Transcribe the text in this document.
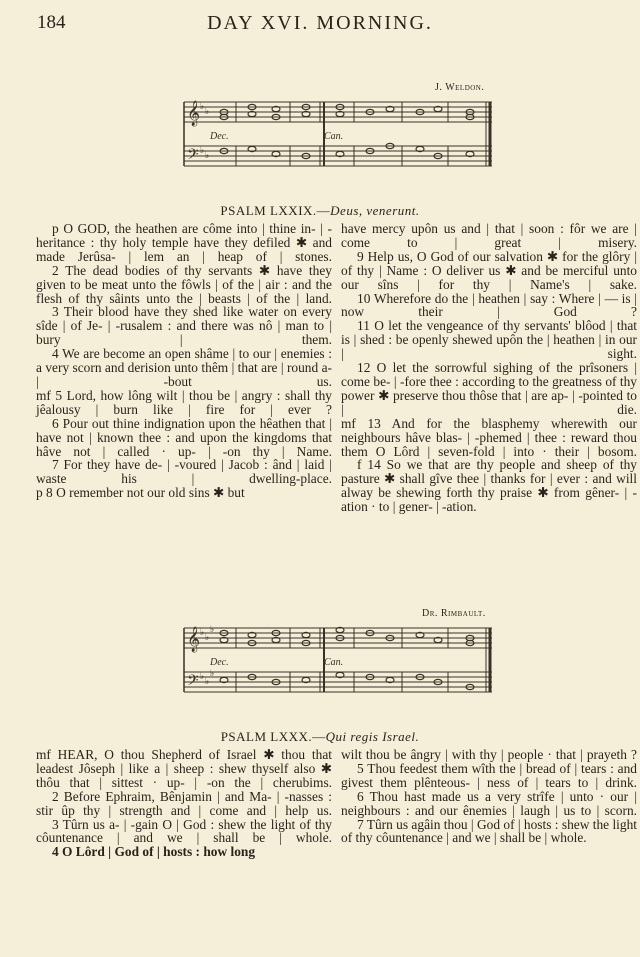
184	DAY XVI. MORNING.
J. Weldon.
𝄞
𝄢
♭ ♭
♭ ♭
Dec.	Can.
PSALM LXXIX.—Deus, venerunt.

p O GOD, the heathen are côme into | thine in- | -heritance : thy holy temple have they defiled ✱ and made Jerûsa- | lem an | heap of | stones.

2 The dead bodies of thy servants ✱ have they given to be meat unto the fôwls | of the | air : and the flesh of thy sâints unto the | beasts | of the | land.

3 Their blood have they shed like water on every sîde | of Je- | -rusalem : and there was nô | man to | bury | them.

4 We are become an open shâme | to our | enemies : a very scorn and derision unto thêm | that are | round a- | -bout us.

mf 5 Lord, how lông wilt | thou be | angry : shall thy jêalousy | burn like | fire for | ever ?

6 Pour out thine indignation upon the hêathen that | have not | known thee : and upon the kingdoms that hâve not | called · up- | -on thy | Name.

7 For they have de- | -voured | Jacob : ând | laid | waste his | dwelling-place.

p 8 O remember not our old sins ✱ but

have mercy upôn us and | that | soon : fôr we are | come to | great | misery.

9 Help us, O God of our salvation ✱ for the glôry | of thy | Name : O deliver us ✱ and be merciful unto our sîns | for thy | Name's | sake.

10 Wherefore do the | heathen | say : Where | — is | now their | God ?

11 O let the vengeance of thy servants' blôod | that is | shed : be openly shewed upôn the | heathen | in our | sight.

12 O let the sorrowful sighing of the prîsoners | come be- | -fore thee : according to the greatness of thy power ✱ preserve thou thôse that | are ap- | -pointed to | die.

mf 13 And for the blasphemy wherewith our neighbours hâve blas- | -phemed | thee : reward thou them O Lôrd | seven-fold | into · their | bosom.

f 14 So we that are thy people and sheep of thy pasture ✱ shall gîve thee | thanks for | ever : and will alway be shewing forth thy praise ✱ from gêner- | -ation · to | gener- | -ation.

Dr. Rimbault.
𝄞
𝄢
♭ ♭
♭
♭ ♭
♭
Dec.	Can.
PSALM LXXX.—Qui regis Israel.

mf HEAR, O thou Shepherd of Israel ✱ thou that leadest Jôseph | like a | sheep : shew thyself also ✱ thôu that | sittest · up- | -on the | cherubims.

2 Before Ephraim, Bênjamin | and Ma- | -nasses : stir ûp thy | strength and | come and | help us.

3 Tûrn us a- | -gain O | God : shew the light of thy côuntenance | and we | shall be | whole.

4 O Lôrd | God of | hosts : how long

wilt thou be ângry | with thy | people · that | prayeth ?

5 Thou feedest them wîth the | bread of | tears : and givest them plênteous- | ness of | tears to | drink.

6 Thou hast made us a very strîfe | unto · our | neighbours : and our ênemies | laugh | us to | scorn.

7 Tûrn us agâin thou | God of | hosts : shew the light of thy côuntenance | and we | shall be | whole.
